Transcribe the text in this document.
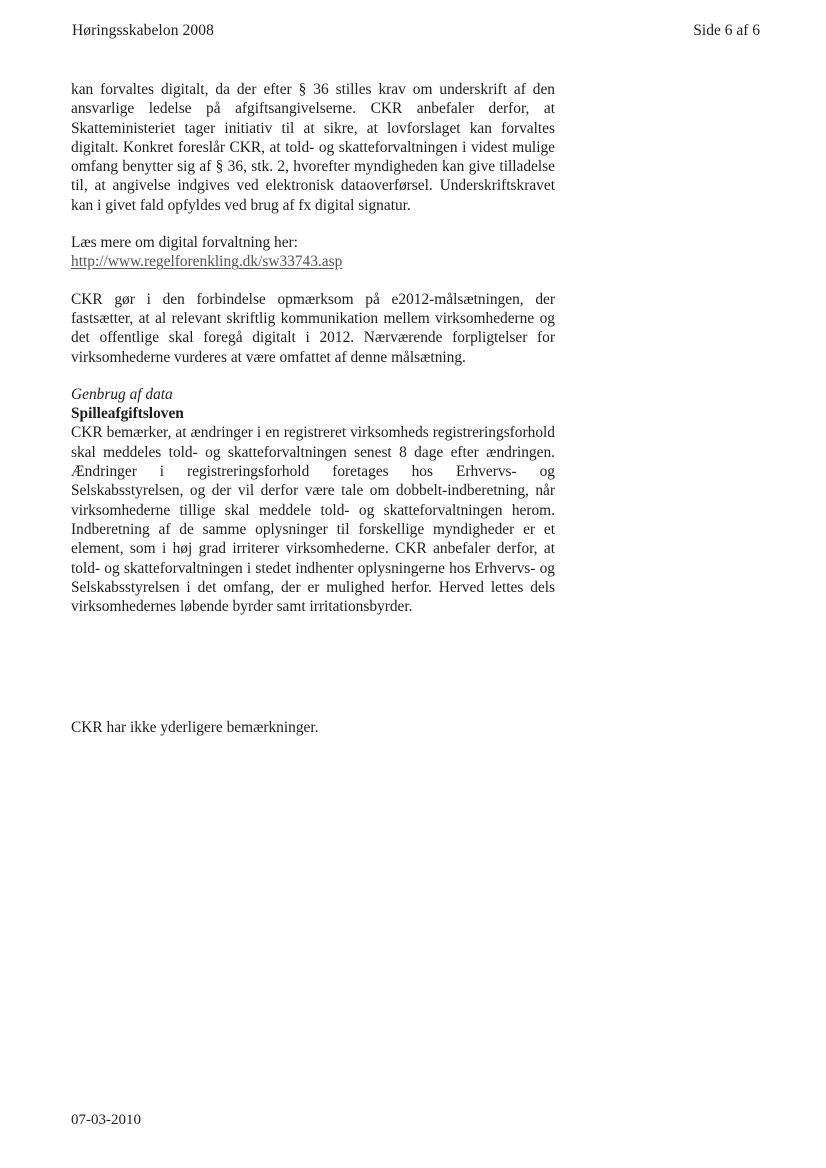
Høringsskabelon 2008	Side 6 af 6

kan forvaltes digitalt, da der efter § 36 stilles krav om underskrift af den ansvarlige ledelse på afgiftsangivelserne. CKR anbefaler derfor, at Skatteministeriet tager initiativ til at sikre, at lovforslaget kan forvaltes digitalt. Konkret foreslår CKR, at told- og skatteforvaltningen i videst mulige omfang benytter sig af § 36, stk. 2, hvorefter myndigheden kan give tilladelse til, at angivelse indgives ved elektronisk dataoverførsel. Underskriftskravet kan i givet fald opfyldes ved brug af fx digital signatur.

Læs mere om digital forvaltning her:
http://www.regelforenkling.dk/sw33743.asp

CKR gør i den forbindelse opmærksom på e2012-målsætningen, der fastsætter, at al relevant skriftlig kommunikation mellem virksomhederne og det offentlige skal foregå digitalt i 2012. Nærværende forpligtelser for virksomhederne vurderes at være omfattet af denne målsætning.

Genbrug af data
Spilleafgiftsloven

CKR bemærker, at ændringer i en registreret virksomheds registreringsforhold skal meddeles told- og skatteforvaltningen senest 8 dage efter ændringen. Ændringer i registreringsforhold foretages hos Erhvervs- og Selskabsstyrelsen, og der vil derfor være tale om dobbelt-indberetning, når virksomhederne tillige skal meddele told- og skatteforvaltningen herom. Indberetning af de samme oplysninger til forskellige myndigheder er et element, som i høj grad irriterer virksomhederne. CKR anbefaler derfor, at told- og skatteforvaltningen i stedet indhenter oplysningerne hos Erhvervs- og Selskabsstyrelsen i det omfang, der er mulighed herfor. Herved lettes dels virksomhedernes løbende byrder samt irritationsbyrder.

CKR har ikke yderligere bemærkninger.
07-03-2010
